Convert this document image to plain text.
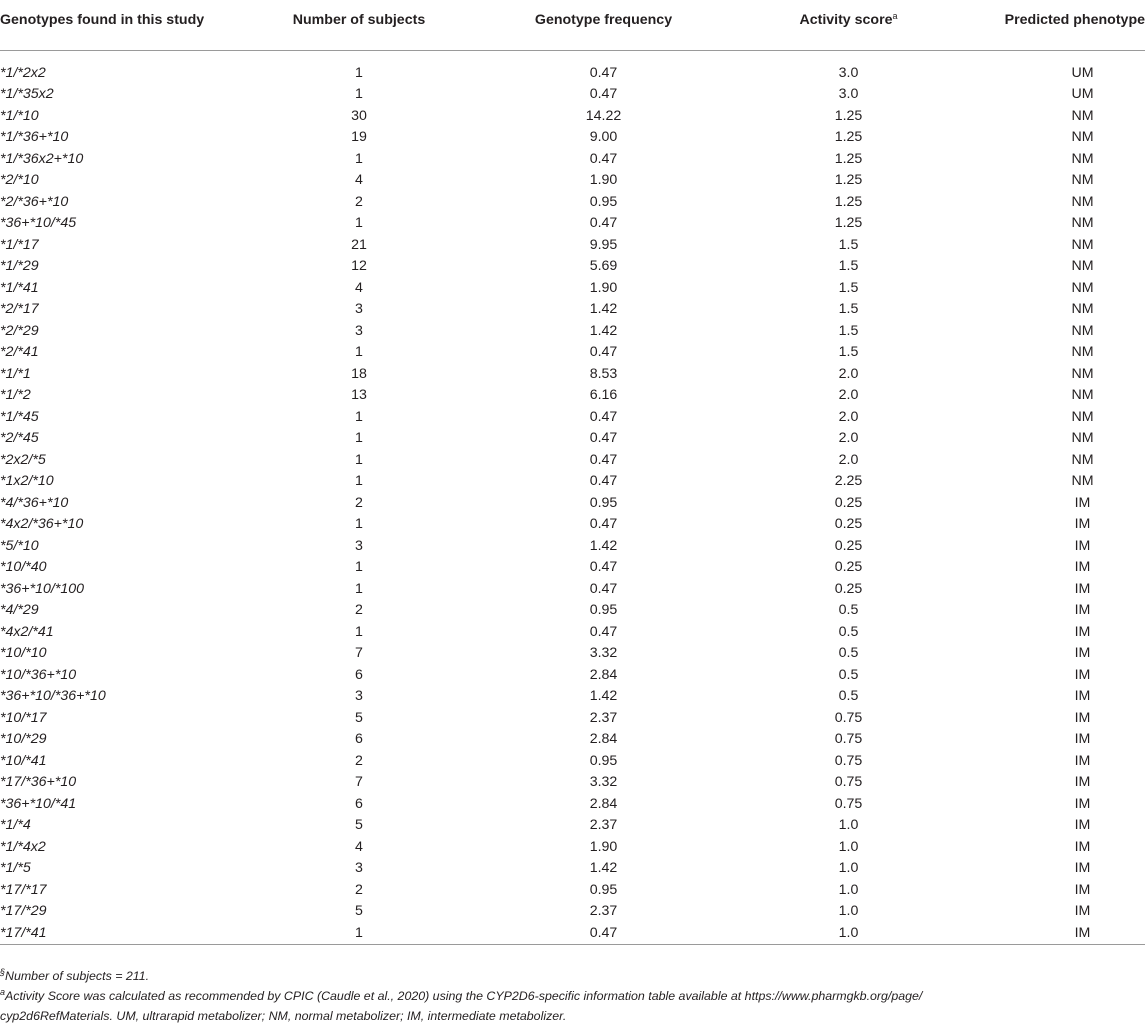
Genotypes found in this study	Number of subjects	Genotype frequency	Activity score$^a$	Predicted phenotype

*1/*2x2	1	0.47	3.0	UM
*1/*35x2	1	0.47	3.0	UM
*1/*10	30	14.22	1.25	NM
*1/*36+*10	19	9.00	1.25	NM
*1/*36x2+*10	1	0.47	1.25	NM
*2/*10	4	1.90	1.25	NM
*2/*36+*10	2	0.95	1.25	NM
*36+*10/*45	1	0.47	1.25	NM
*1/*17	21	9.95	1.5	NM
*1/*29	12	5.69	1.5	NM
*1/*41	4	1.90	1.5	NM
*2/*17	3	1.42	1.5	NM
*2/*29	3	1.42	1.5	NM
*2/*41	1	0.47	1.5	NM
*1/*1	18	8.53	2.0	NM
*1/*2	13	6.16	2.0	NM
*1/*45	1	0.47	2.0	NM
*2/*45	1	0.47	2.0	NM
*2x2/*5	1	0.47	2.0	NM
*1x2/*10	1	0.47	2.25	NM
*4/*36+*10	2	0.95	0.25	IM
*4x2/*36+*10	1	0.47	0.25	IM
*5/*10	3	1.42	0.25	IM
*10/*40	1	0.47	0.25	IM
*36+*10/*100	1	0.47	0.25	IM
*4/*29	2	0.95	0.5	IM
*4x2/*41	1	0.47	0.5	IM
*10/*10	7	3.32	0.5	IM
*10/*36+*10	6	2.84	0.5	IM
*36+*10/*36+*10	3	1.42	0.5	IM
*10/*17	5	2.37	0.75	IM
*10/*29	6	2.84	0.75	IM
*10/*41	2	0.95	0.75	IM
*17/*36+*10	7	3.32	0.75	IM
*36+*10/*41	6	2.84	0.75	IM
*1/*4	5	2.37	1.0	IM
*1/*4x2	4	1.90	1.0	IM
*1/*5	3	1.42	1.0	IM
*17/*17	2	0.95	1.0	IM
*17/*29	5	2.37	1.0	IM
*17/*41	1	0.47	1.0	IM

§Number of subjects = 211.

$^a$Activity Score was calculated as recommended by CPIC (Caudle et al., 2020) using the CYP2D6-specific information table available at https://www.pharmgkb.org/page/

cyp2d6RefMaterials. UM, ultrarapid metabolizer; NM, normal metabolizer; IM, intermediate metabolizer.
